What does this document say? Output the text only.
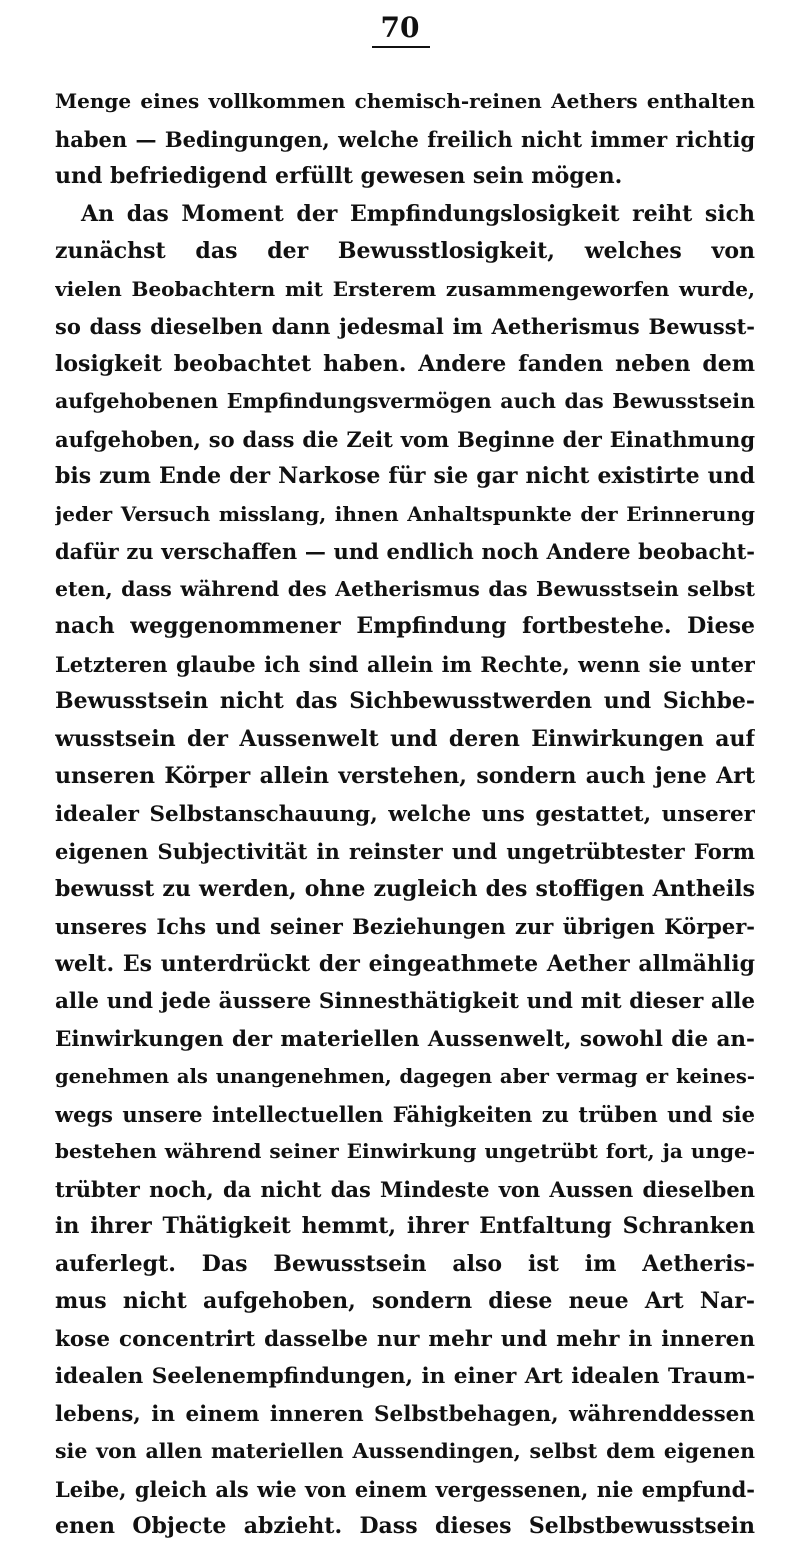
70
Menge eines vollkommen chemisch-reinen Aethers enthalten
haben — Bedingungen, welche freilich nicht immer richtig
und befriedigend erfüllt gewesen sein mögen.
An das Moment der Empfindungslosigkeit reiht sich
zunächst das der Bewusstlosigkeit, welches von
vielen Beobachtern mit Ersterem zusammengeworfen wurde,
so dass dieselben dann jedesmal im Aetherismus Bewusst-
losigkeit beobachtet haben. Andere fanden neben dem
aufgehobenen Empfindungsvermögen auch das Bewusstsein
aufgehoben, so dass die Zeit vom Beginne der Einathmung
bis zum Ende der Narkose für sie gar nicht existirte und
jeder Versuch misslang, ihnen Anhaltspunkte der Erinnerung
dafür zu verschaffen — und endlich noch Andere beobacht-
eten, dass während des Aetherismus das Bewusstsein selbst
nach weggenommener Empfindung fortbestehe. Diese
Letzteren glaube ich sind allein im Rechte, wenn sie unter
Bewusstsein nicht das Sichbewusstwerden und Sichbe-
wusstsein der Aussenwelt und deren Einwirkungen auf
unseren Körper allein verstehen, sondern auch jene Art
idealer Selbstanschauung, welche uns gestattet, unserer
eigenen Subjectivität in reinster und ungetrübtester Form
bewusst zu werden, ohne zugleich des stoffigen Antheils
unseres Ichs und seiner Beziehungen zur übrigen Körper-
welt. Es unterdrückt der eingeathmete Aether allmählig
alle und jede äussere Sinnesthätigkeit und mit dieser alle
Einwirkungen der materiellen Aussenwelt, sowohl die an-
genehmen als unangenehmen, dagegen aber vermag er keines-
wegs unsere intellectuellen Fähigkeiten zu trüben und sie
bestehen während seiner Einwirkung ungetrübt fort, ja unge-
trübter noch, da nicht das Mindeste von Aussen dieselben
in ihrer Thätigkeit hemmt, ihrer Entfaltung Schranken
auferlegt. Das Bewusstsein also ist im Aetheris-
mus nicht aufgehoben, sondern diese neue Art Nar-
kose concentrirt dasselbe nur mehr und mehr in inneren
idealen Seelenempfindungen, in einer Art idealen Traum-
lebens, in einem inneren Selbstbehagen, währenddessen
sie von allen materiellen Aussendingen, selbst dem eigenen
Leibe, gleich als wie von einem vergessenen, nie empfund-
enen Objecte abzieht. Dass dieses Selbstbewusstsein
